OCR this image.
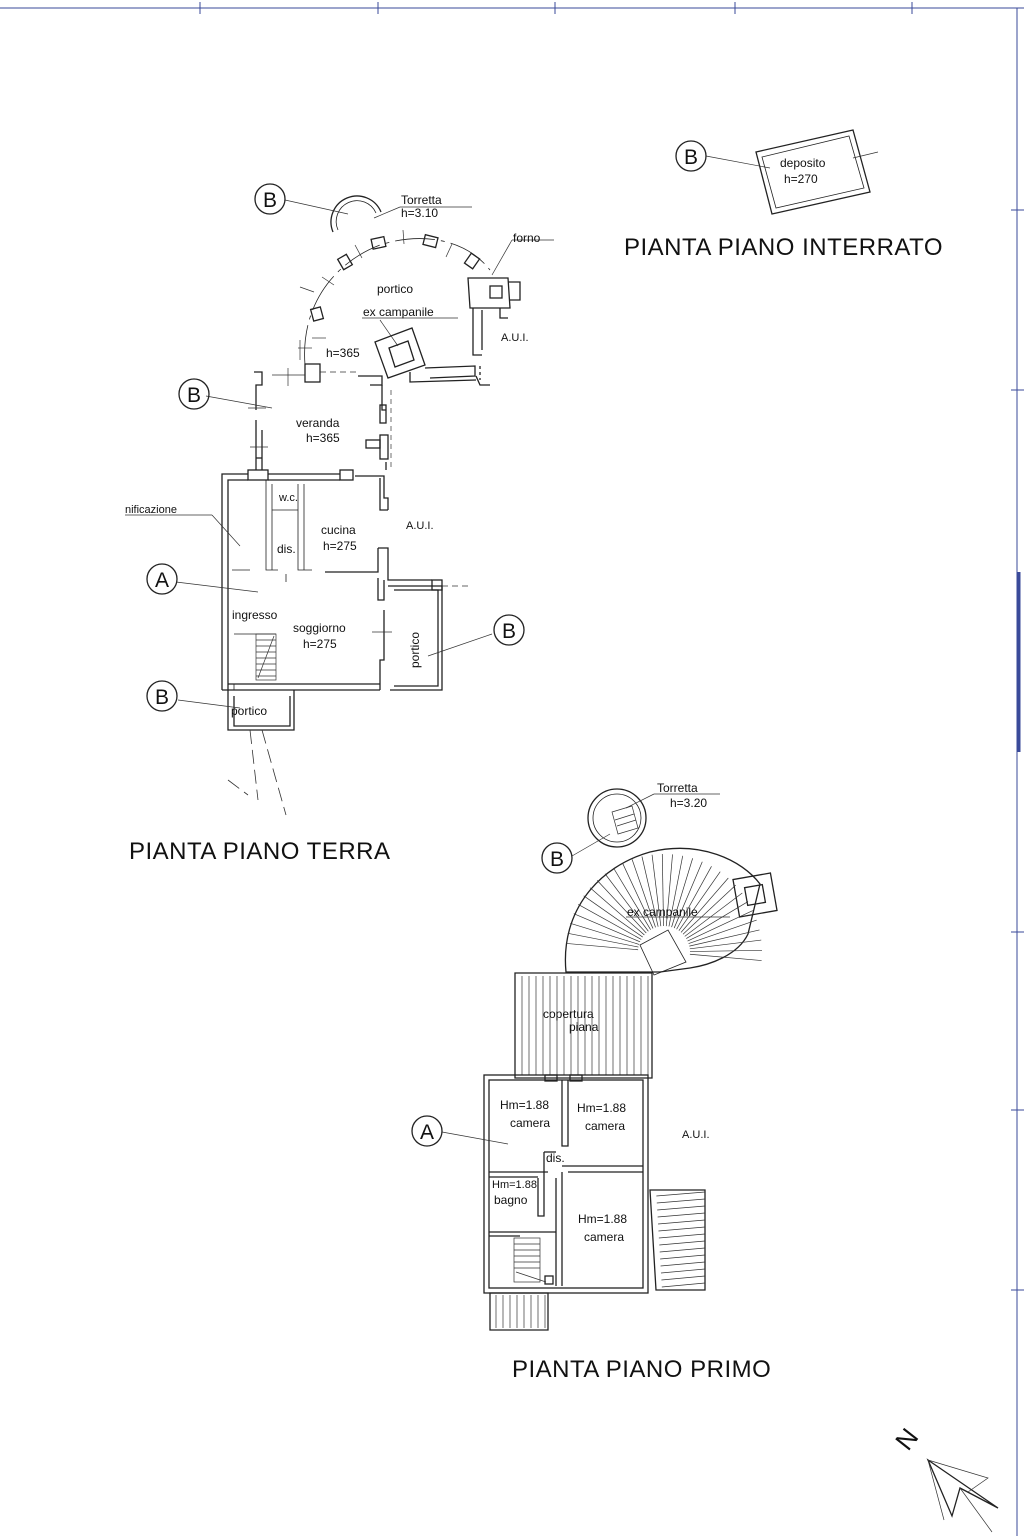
deposito
h=270
PIANTA PIANO INTERRATO
Torretta
h=3.10
forno
portico
ex campanile
A.U.I.
h=365
veranda
h=365
nificazione
w.c.
dis.
cucina
h=275
A.U.I.
ingresso
soggiorno
h=275	portico
portico
PIANTA PIANO TERRA
Torretta
h=3.20
ex campanile
copertura
piana
Hm=1.88
camera
Hm=1.88
camera
dis.
Hm=1.88
bagno
Hm=1.88
camera
A.U.I.
PIANTA PIANO PRIMO
B
B
B
A
B
B
B
A
N
